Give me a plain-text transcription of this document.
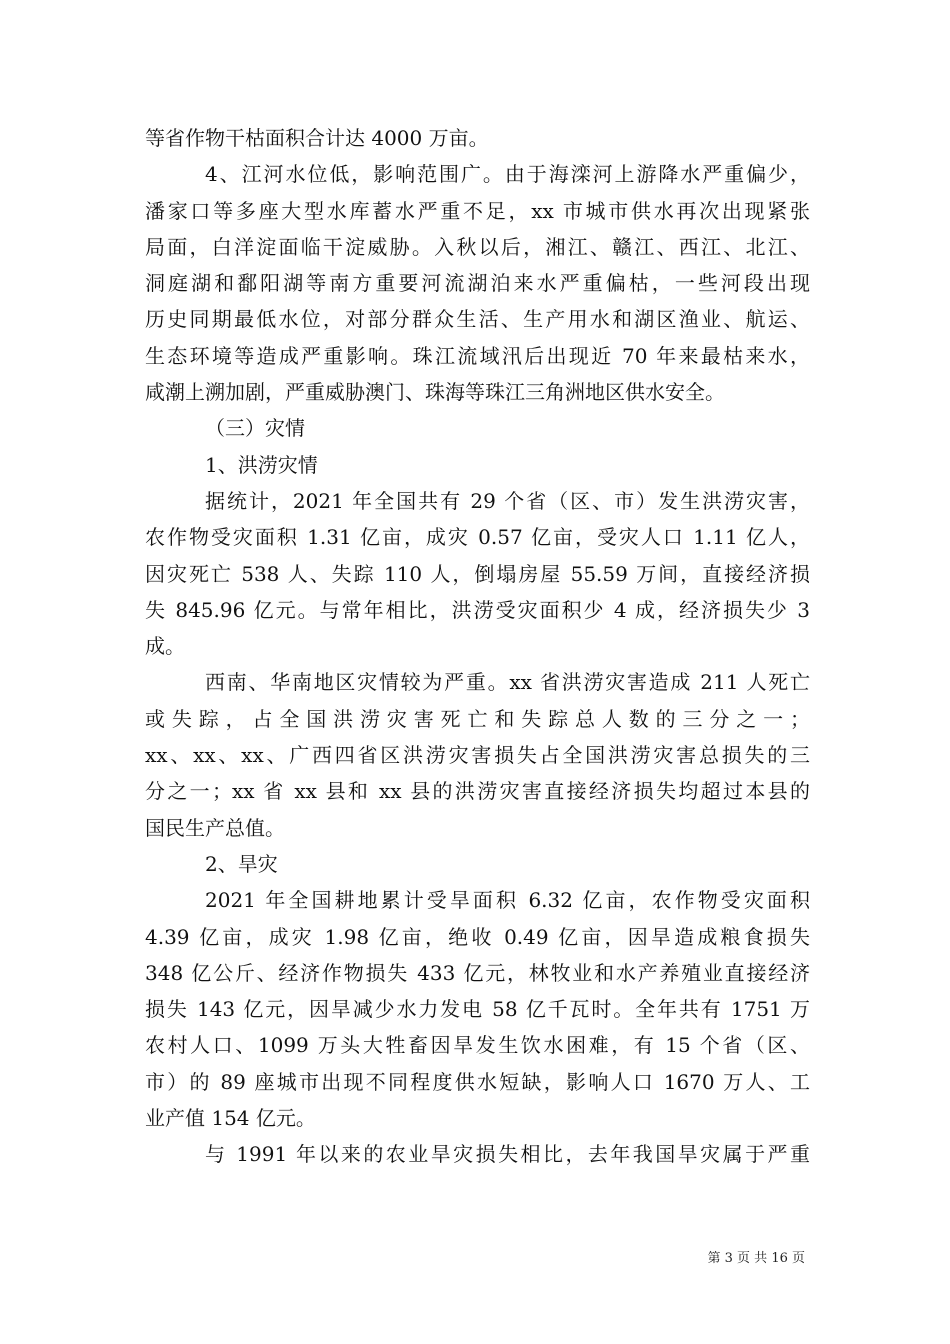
等省作物干枯面积合计达 4000 万亩。
4、江河水位低，影响范围广。由于海滦河上游降水严重偏少，
潘家口等多座大型水库蓄水严重不足，xx 市城市供水再次出现紧张
局面，白洋淀面临干淀威胁。入秋以后，湘江、赣江、西江、北江、
洞庭湖和鄱阳湖等南方重要河流湖泊来水严重偏枯，一些河段出现
历史同期最低水位，对部分群众生活、生产用水和湖区渔业、航运、
生态环境等造成严重影响。珠江流域汛后出现近 70 年来最枯来水，
咸潮上溯加剧，严重威胁澳门、珠海等珠江三角洲地区供水安全。
（三）灾情
1、洪涝灾情
据统计，2021 年全国共有 29 个省（区、市）发生洪涝灾害，
农作物受灾面积 1.31 亿亩，成灾 0.57 亿亩，受灾人口 1.11 亿人，
因灾死亡 538 人、失踪 110 人，倒塌房屋 55.59 万间，直接经济损
失 845.96 亿元。与常年相比，洪涝受灾面积少 4 成，经济损失少 3
成。
西南、华南地区灾情较为严重。xx 省洪涝灾害造成 211 人死亡
或失踪，占全国洪涝灾害死亡和失踪总人数的三分之一；
xx、xx、xx、广西四省区洪涝灾害损失占全国洪涝灾害总损失的三
分之一；xx 省 xx 县和 xx 县的洪涝灾害直接经济损失均超过本县的
国民生产总值。
2、旱灾
2021 年全国耕地累计受旱面积 6.32 亿亩，农作物受灾面积
4.39 亿亩，成灾 1.98 亿亩，绝收 0.49 亿亩，因旱造成粮食损失
348 亿公斤、经济作物损失 433 亿元，林牧业和水产养殖业直接经济
损失 143 亿元，因旱减少水力发电 58 亿千瓦时。全年共有 1751 万
农村人口、1099 万头大牲畜因旱发生饮水困难，有 15 个省（区、
市）的 89 座城市出现不同程度供水短缺，影响人口 1670 万人、工
业产值 154 亿元。
与 1991 年以来的农业旱灾损失相比，去年我国旱灾属于严重
第 3 页 共 16 页
